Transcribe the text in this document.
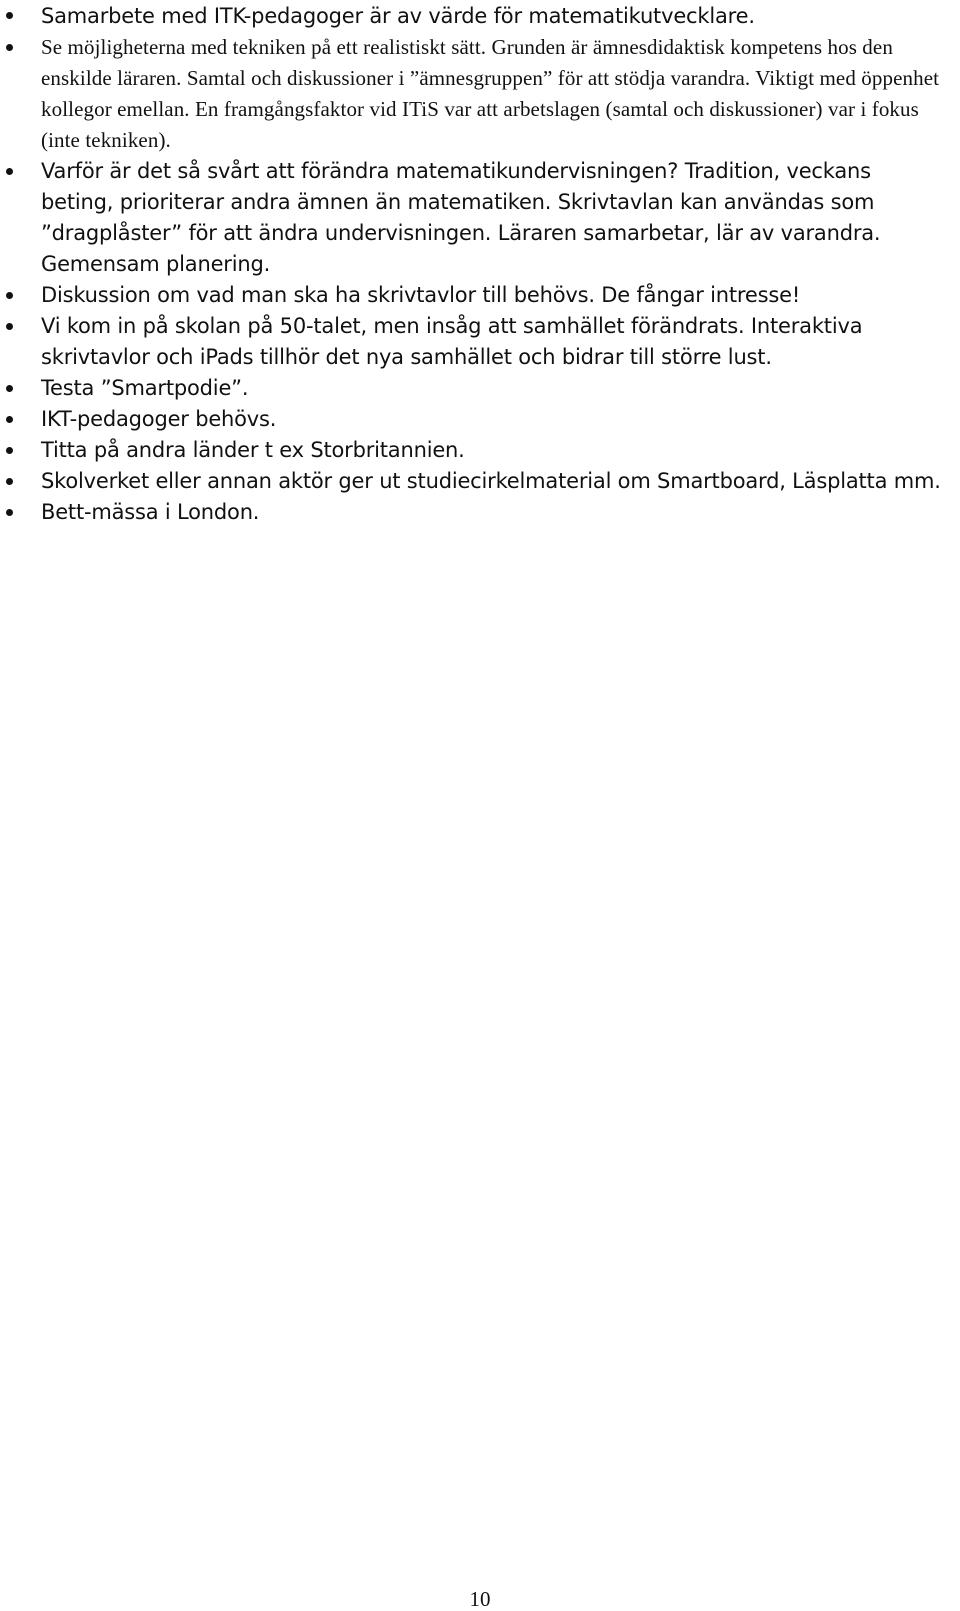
Samarbete med ITK-pedagoger är av värde för matematikutvecklare.
Se möjligheterna med tekniken på ett realistiskt sätt. Grunden är ämnesdidaktisk kompetens hos den enskilde läraren. Samtal och diskussioner i ”ämnesgruppen” för att stödja varandra. Viktigt med öppenhet kollegor emellan. En framgångsfaktor vid ITiS var att arbetslagen (samtal och diskussioner) var i fokus (inte tekniken).
Varför är det så svårt att förändra matematikundervisningen? Tradition, veckans beting, prioriterar andra ämnen än matematiken. Skrivtavlan kan användas som ”dragplåster” för att ändra undervisningen. Läraren samarbetar, lär av varandra. Gemensam planering.
Diskussion om vad man ska ha skrivtavlor till behövs. De fångar intresse!
Vi kom in på skolan på 50-talet, men insåg att samhället förändrats. Interaktiva skrivtavlor och iPads tillhör det nya samhället och bidrar till större lust.
Testa ”Smartpodie”.
IKT-pedagoger behövs.
Titta på andra länder t ex Storbritannien.
Skolverket eller annan aktör ger ut studiecirkelmaterial om Smartboard, Läsplatta mm.
Bett-mässa i London.
10
